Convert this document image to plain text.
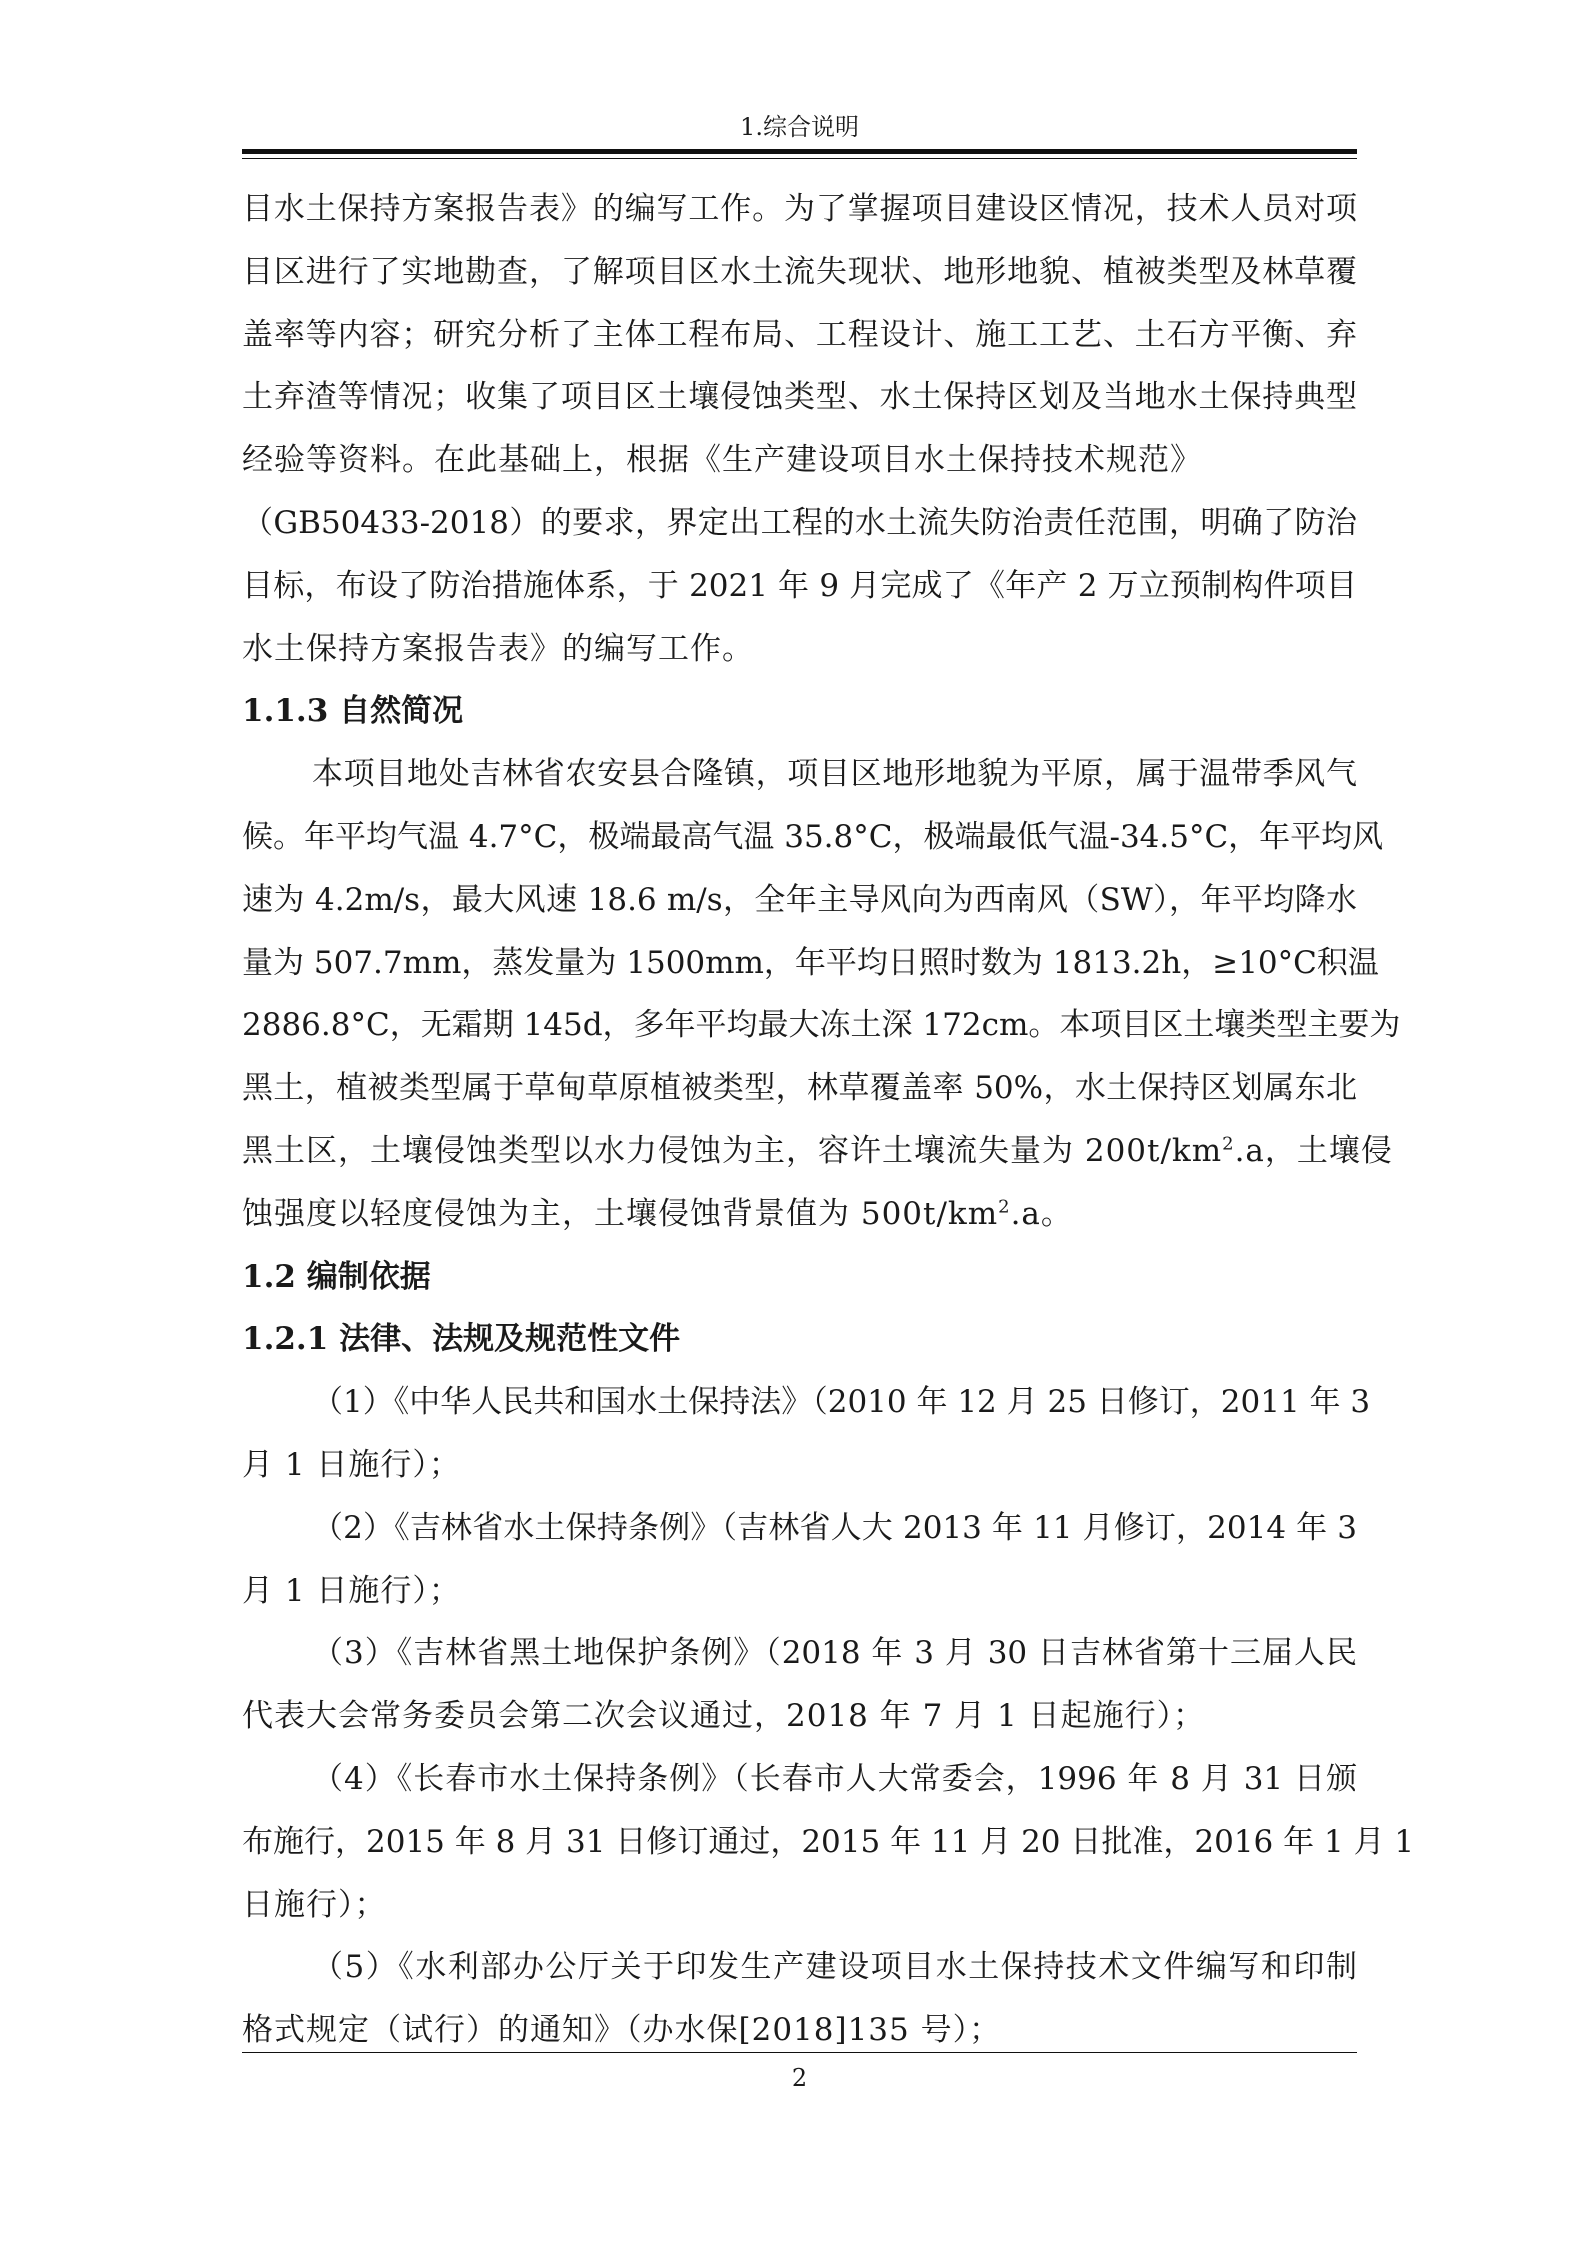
1.综合说明
目水土保持方案报告表》的编写工作。为了掌握项目建设区情况，技术人员对项
目区进行了实地勘查，了解项目区水土流失现状、地形地貌、植被类型及林草覆
盖率等内容；研究分析了主体工程布局、工程设计、施工工艺、土石方平衡、弃
土弃渣等情况；收集了项目区土壤侵蚀类型、水土保持区划及当地水土保持典型
经验等资料。在此基础上，根据《生产建设项目水土保持技术规范》
（GB50433-2018）的要求，界定出工程的水土流失防治责任范围，明确了防治
目标，布设了防治措施体系，于 2021 年 9 月完成了《年产 2 万立预制构件项目
水土保持方案报告表》的编写工作。
1.1.3 自然简况
本项目地处吉林省农安县合隆镇，项目区地形地貌为平原，属于温带季风气
候。年平均气温 4.7°C，极端最高气温 35.8°C，极端最低气温-34.5°C，年平均风
速为 4.2m/s，最大风速 18.6 m/s，全年主导风向为西南风（SW），年平均降水
量为 507.7mm，蒸发量为 1500mm，年平均日照时数为 1813.2h，≥10°C积温
2886.8°C，无霜期 145d，多年平均最大冻土深 172cm。本项目区土壤类型主要为
黑土，植被类型属于草甸草原植被类型，林草覆盖率 50%，水土保持区划属东北
黑土区，土壤侵蚀类型以水力侵蚀为主，容许土壤流失量为 $200t/km^2.a$，土壤侵
蚀强度以轻度侵蚀为主，土壤侵蚀背景值为 $500t/km^2.a$。
1.2 编制依据
1.2.1 法律、法规及规范性文件
（1）《中华人民共和国水土保持法》（2010 年 12 月 25 日修订，2011 年 3
月 1 日施行）；
（2）《吉林省水土保持条例》（吉林省人大 2013 年 11 月修订，2014 年 3
月 1 日施行）；
（3）《吉林省黑土地保护条例》（2018 年 3 月 30 日吉林省第十三届人民
代表大会常务委员会第二次会议通过，2018 年 7 月 1 日起施行）；
（4）《长春市水土保持条例》（长春市人大常委会，1996 年 8 月 31 日颁
布施行，2015 年 8 月 31 日修订通过，2015 年 11 月 20 日批准，2016 年 1 月 1
日施行）；
（5）《水利部办公厅关于印发生产建设项目水土保持技术文件编写和印制
格式规定（试行）的通知》（办水保[2018]135 号）；
2
